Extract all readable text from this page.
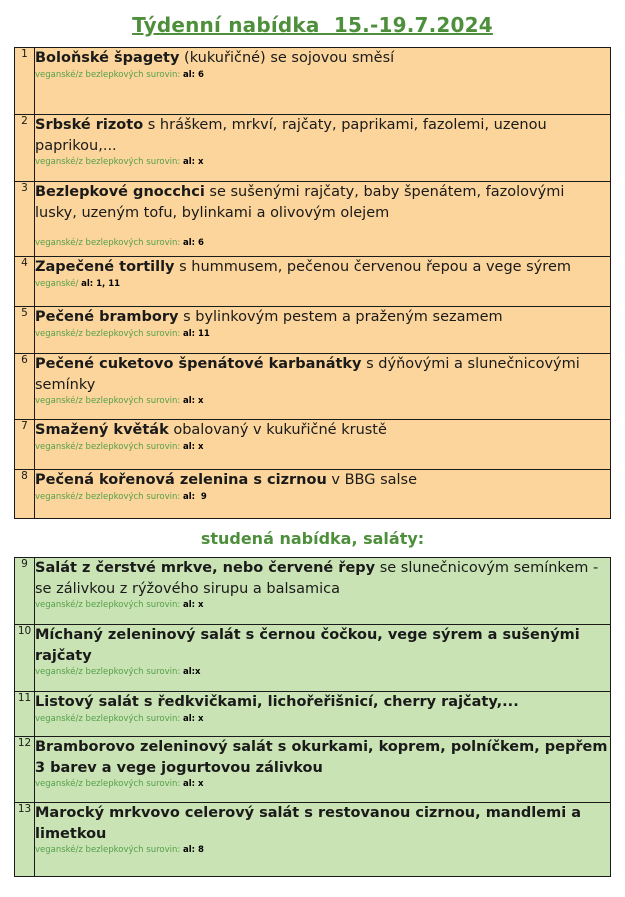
Týdenní nabídka  15.-19.7.2024
1	Boloňské špagety (kukuřičné) se sojovou směsí
veganské/z bezlepkových surovin: al: 6

2	Srbské rizoto s hráškem, mrkví, rajčaty, paprikami, fazolemi, uzenou paprikou,...
veganské/z bezlepkových surovin: al: x

3	Bezlepkové gnocchci se sušenými rajčaty, baby špenátem, fazolovými lusky, uzeným tofu, bylinkami a olivovým olejem
veganské/z bezlepkových surovin: al: 6

4	Zapečené tortilly s hummusem, pečenou červenou řepou a vege sýrem
veganské/ al: 1, 11

5	Pečené brambory s bylinkovým pestem a praženým sezamem
veganské/z bezlepkových surovin: al: 11

6	Pečené cuketovo špenátové karbanátky s dýňovými a slunečnicovými semínky
veganské/z bezlepkových surovin: al: x

7	Smažený květák obalovaný v kukuřičné krustě
veganské/z bezlepkových surovin: al: x

8	Pečená kořenová zelenina s cizrnou v BBG salse
veganské/z bezlepkových surovin: al:  9
studená nabídka, saláty:
9	Salát z čerstvé mrkve, nebo červené řepy se slunečnicovým semínkem - se zálivkou z rýžového sirupu a balsamica
veganské/z bezlepkových surovin: al: x

10	Míchaný zeleninový salát s černou čočkou, vege sýrem a sušenými rajčaty
veganské/z bezlepkových surovin: al:x

11	Listový salát s ředkvičkami, lichořeřišnicí, cherry rajčaty,...
veganské/z bezlepkových surovin: al: x

12	Bramborovo zeleninový salát s okurkami, koprem, polníčkem, pepřem 3 barev a vege jogurtovou zálivkou
veganské/z bezlepkových surovin: al: x

13	Marocký mrkvovo celerový salát s restovanou cizrnou, mandlemi a limetkou
veganské/z bezlepkových surovin: al: 8
